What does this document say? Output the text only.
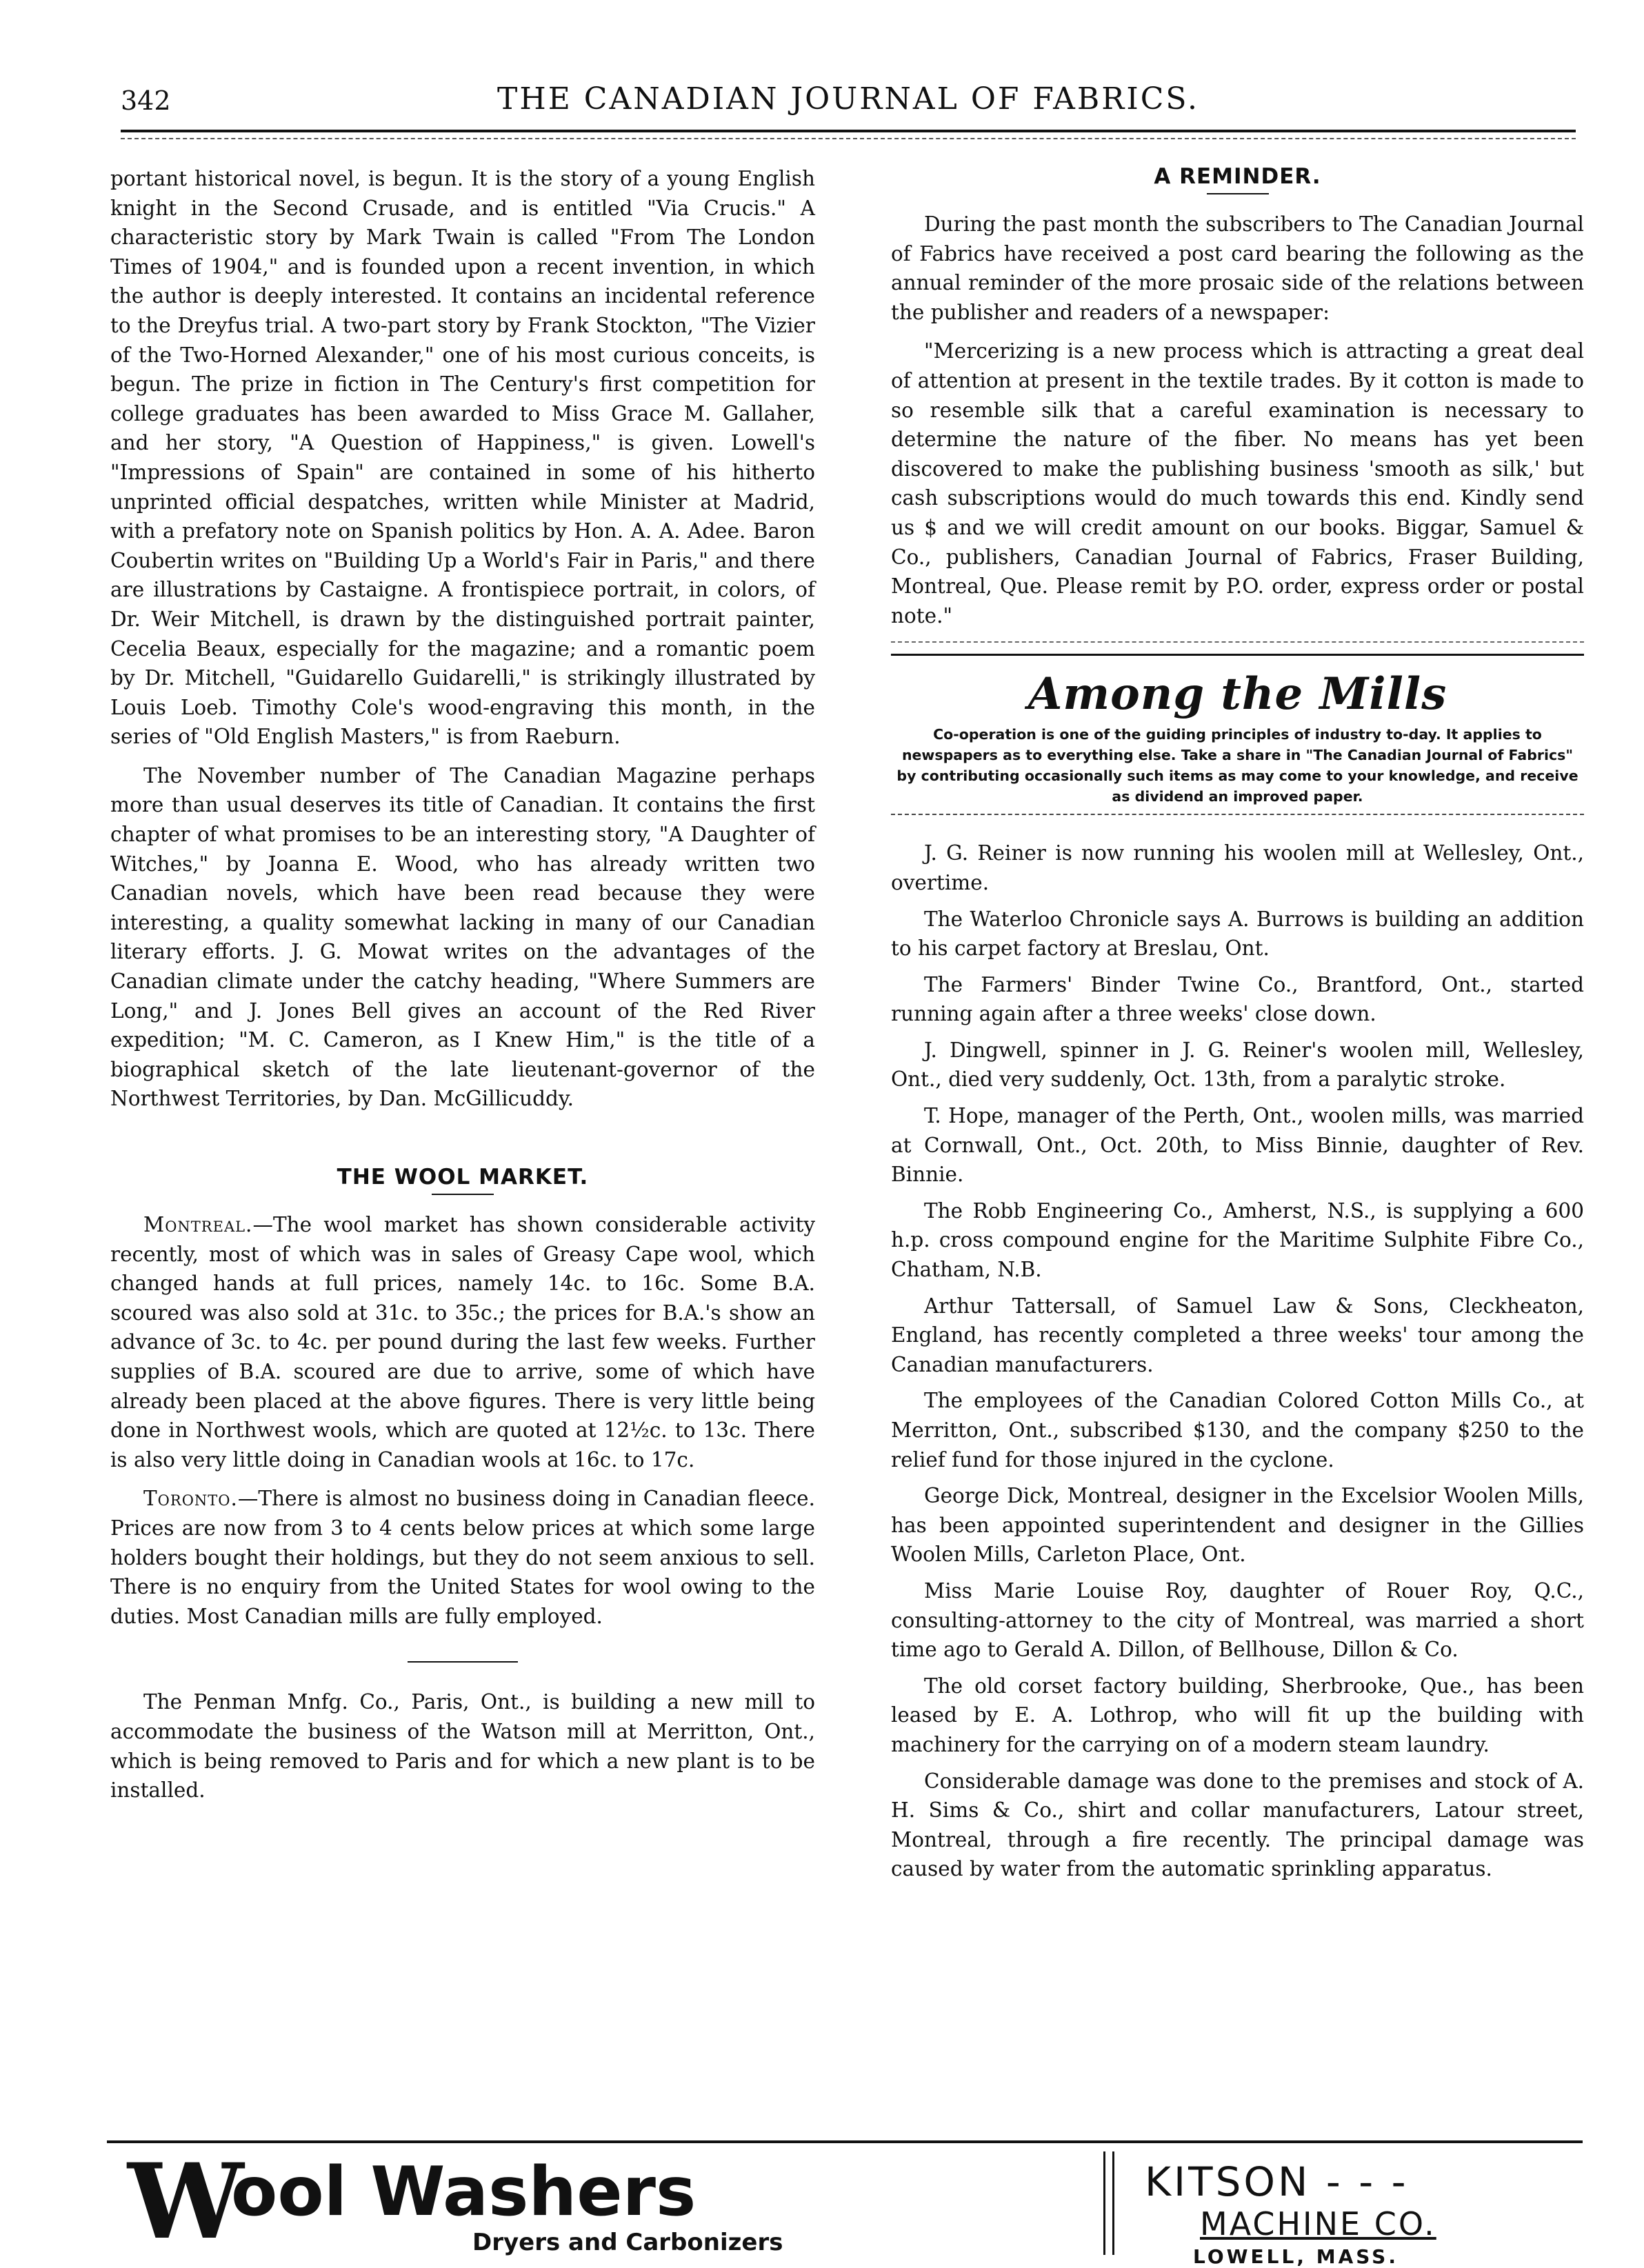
342	THE CANADIAN JOURNAL OF FABRICS.

portant historical novel, is begun. It is the story of a young English knight in the Second Crusade, and is entitled "Via Crucis." A characteristic story by Mark Twain is called "From The London Times of 1904," and is founded upon a recent invention, in which the author is deeply interested. It contains an incidental reference to the Dreyfus trial. A two-part story by Frank Stockton, "The Vizier of the Two-Horned Alexander," one of his most curious conceits, is begun. The prize in fiction in The Century's first competition for college graduates has been awarded to Miss Grace M. Gallaher, and her story, "A Question of Happiness," is given. Lowell's "Impressions of Spain" are contained in some of his hitherto unprinted official despatches, written while Minister at Madrid, with a prefatory note on Spanish politics by Hon. A. A. Adee. Baron Coubertin writes on "Building Up a World's Fair in Paris," and there are illustrations by Castaigne. A frontispiece portrait, in colors, of Dr. Weir Mitchell, is drawn by the distinguished portrait painter, Cecelia Beaux, especially for the magazine; and a romantic poem by Dr. Mitchell, "Guidarello Guidarelli," is strikingly illustrated by Louis Loeb. Timothy Cole's wood-engraving this month, in the series of "Old English Masters," is from Raeburn.

The November number of The Canadian Magazine perhaps more than usual deserves its title of Canadian. It contains the first chapter of what promises to be an interesting story, "A Daughter of Witches," by Joanna E. Wood, who has already written two Canadian novels, which have been read because they were interesting, a quality somewhat lacking in many of our Canadian literary efforts. J. G. Mowat writes on the advantages of the Canadian climate under the catchy heading, "Where Summers are Long," and J. Jones Bell gives an account of the Red River expedition; "M. C. Cameron, as I Knew Him," is the title of a biographical sketch of the late lieutenant-governor of the Northwest Territories, by Dan. McGillicuddy.

THE WOOL MARKET.

Montreal.—The wool market has shown considerable activity recently, most of which was in sales of Greasy Cape wool, which changed hands at full prices, namely 14c. to 16c. Some B.A. scoured was also sold at 31c. to 35c.; the prices for B.A.'s show an advance of 3c. to 4c. per pound during the last few weeks. Further supplies of B.A. scoured are due to arrive, some of which have already been placed at the above figures. There is very little being done in Northwest wools, which are quoted at 12½c. to 13c. There is also very little doing in Canadian wools at 16c. to 17c.

Toronto.—There is almost no business doing in Canadian fleece. Prices are now from 3 to 4 cents below prices at which some large holders bought their holdings, but they do not seem anxious to sell. There is no enquiry from the United States for wool owing to the duties. Most Canadian mills are fully employed.

The Penman Mnfg. Co., Paris, Ont., is building a new mill to accommodate the business of the Watson mill at Merritton, Ont., which is being removed to Paris and for which a new plant is to be installed.

A REMINDER.

During the past month the subscribers to The Canadian Journal of Fabrics have received a post card bearing the following as the annual reminder of the more prosaic side of the relations between the publisher and readers of a newspaper:

"Mercerizing is a new process which is attracting a great deal of attention at present in the textile trades. By it cotton is made to so resemble silk that a careful examination is necessary to determine the nature of the fiber. No means has yet been discovered to make the publishing business 'smooth as silk,' but cash subscriptions would do much towards this end. Kindly send us $ and we will credit amount on our books. Biggar, Samuel & Co., publishers, Canadian Journal of Fabrics, Fraser Building, Montreal, Que. Please remit by P.O. order, express order or postal note."

Among the Mills
Co-operation is one of the guiding principles of industry to-day. It applies to newspapers as to everything else. Take a share in "The Canadian Journal of Fabrics" by contributing occasionally such items as may come to your knowledge, and receive as dividend an improved paper.

J. G. Reiner is now running his woolen mill at Wellesley, Ont., overtime.

The Waterloo Chronicle says A. Burrows is building an addition to his carpet factory at Breslau, Ont.

The Farmers' Binder Twine Co., Brantford, Ont., started running again after a three weeks' close down.

J. Dingwell, spinner in J. G. Reiner's woolen mill, Wellesley, Ont., died very suddenly, Oct. 13th, from a paralytic stroke.

T. Hope, manager of the Perth, Ont., woolen mills, was married at Cornwall, Ont., Oct. 20th, to Miss Binnie, daughter of Rev. Binnie.

The Robb Engineering Co., Amherst, N.S., is supplying a 600 h.p. cross compound engine for the Maritime Sulphite Fibre Co., Chatham, N.B.

Arthur Tattersall, of Samuel Law & Sons, Cleckheaton, England, has recently completed a three weeks' tour among the Canadian manufacturers.

The employees of the Canadian Colored Cotton Mills Co., at Merritton, Ont., subscribed $130, and the company $250 to the relief fund for those injured in the cyclone.

George Dick, Montreal, designer in the Excelsior Woolen Mills, has been appointed superintendent and designer in the Gillies Woolen Mills, Carleton Place, Ont.

Miss Marie Louise Roy, daughter of Rouer Roy, Q.C., consulting-attorney to the city of Montreal, was married a short time ago to Gerald A. Dillon, of Bellhouse, Dillon & Co.

The old corset factory building, Sherbrooke, Que., has been leased by E. A. Lothrop, who will fit up the building with machinery for the carrying on of a modern steam laundry.

Considerable damage was done to the premises and stock of A. H. Sims & Co., shirt and collar manufacturers, Latour street, Montreal, through a fire recently. The principal damage was caused by water from the automatic sprinkling apparatus.

W
ool Washers
Dryers and Carbonizers
KITSON - - -
MACHINE CO.
LOWELL, MASS.
